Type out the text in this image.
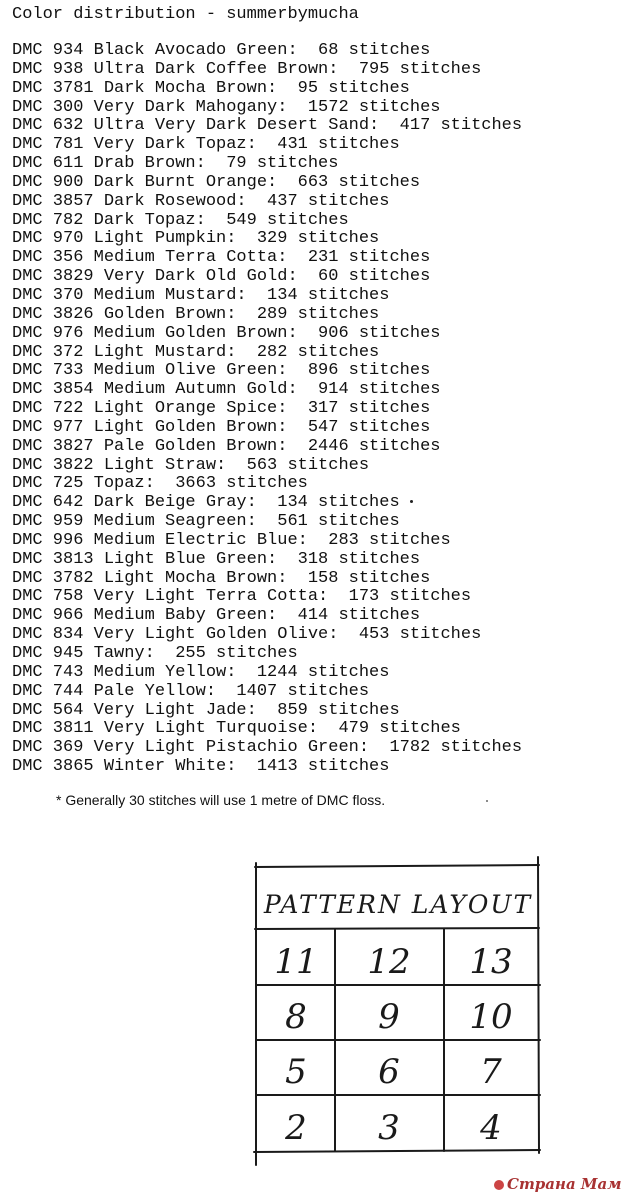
Color distribution - summerbymucha
DMC 934 Black Avocado Green:  68 stitches
DMC 938 Ultra Dark Coffee Brown:  795 stitches
DMC 3781 Dark Mocha Brown:  95 stitches
DMC 300 Very Dark Mahogany:  1572 stitches
DMC 632 Ultra Very Dark Desert Sand:  417 stitches
DMC 781 Very Dark Topaz:  431 stitches
DMC 611 Drab Brown:  79 stitches
DMC 900 Dark Burnt Orange:  663 stitches
DMC 3857 Dark Rosewood:  437 stitches
DMC 782 Dark Topaz:  549 stitches
DMC 970 Light Pumpkin:  329 stitches
DMC 356 Medium Terra Cotta:  231 stitches
DMC 3829 Very Dark Old Gold:  60 stitches
DMC 370 Medium Mustard:  134 stitches
DMC 3826 Golden Brown:  289 stitches
DMC 976 Medium Golden Brown:  906 stitches
DMC 372 Light Mustard:  282 stitches
DMC 733 Medium Olive Green:  896 stitches
DMC 3854 Medium Autumn Gold:  914 stitches
DMC 722 Light Orange Spice:  317 stitches
DMC 977 Light Golden Brown:  547 stitches
DMC 3827 Pale Golden Brown:  2446 stitches
DMC 3822 Light Straw:  563 stitches
DMC 725 Topaz:  3663 stitches
DMC 642 Dark Beige Gray:  134 stitches
DMC 959 Medium Seagreen:  561 stitches
DMC 996 Medium Electric Blue:  283 stitches
DMC 3813 Light Blue Green:  318 stitches
DMC 3782 Light Mocha Brown:  158 stitches
DMC 758 Very Light Terra Cotta:  173 stitches
DMC 966 Medium Baby Green:  414 stitches
DMC 834 Very Light Golden Olive:  453 stitches
DMC 945 Tawny:  255 stitches
DMC 743 Medium Yellow:  1244 stitches
DMC 744 Pale Yellow:  1407 stitches
DMC 564 Very Light Jade:  859 stitches
DMC 3811 Very Light Turquoise:  479 stitches
DMC 369 Very Light Pistachio Green:  1782 stitches
DMC 3865 Winter White:  1413 stitches
* Generally 30 stitches will use 1 metre of DMC floss.
PATTERN LAYOUT
11 12 13
8 9 10
5 6 7
2 3 4
Страна Мам
